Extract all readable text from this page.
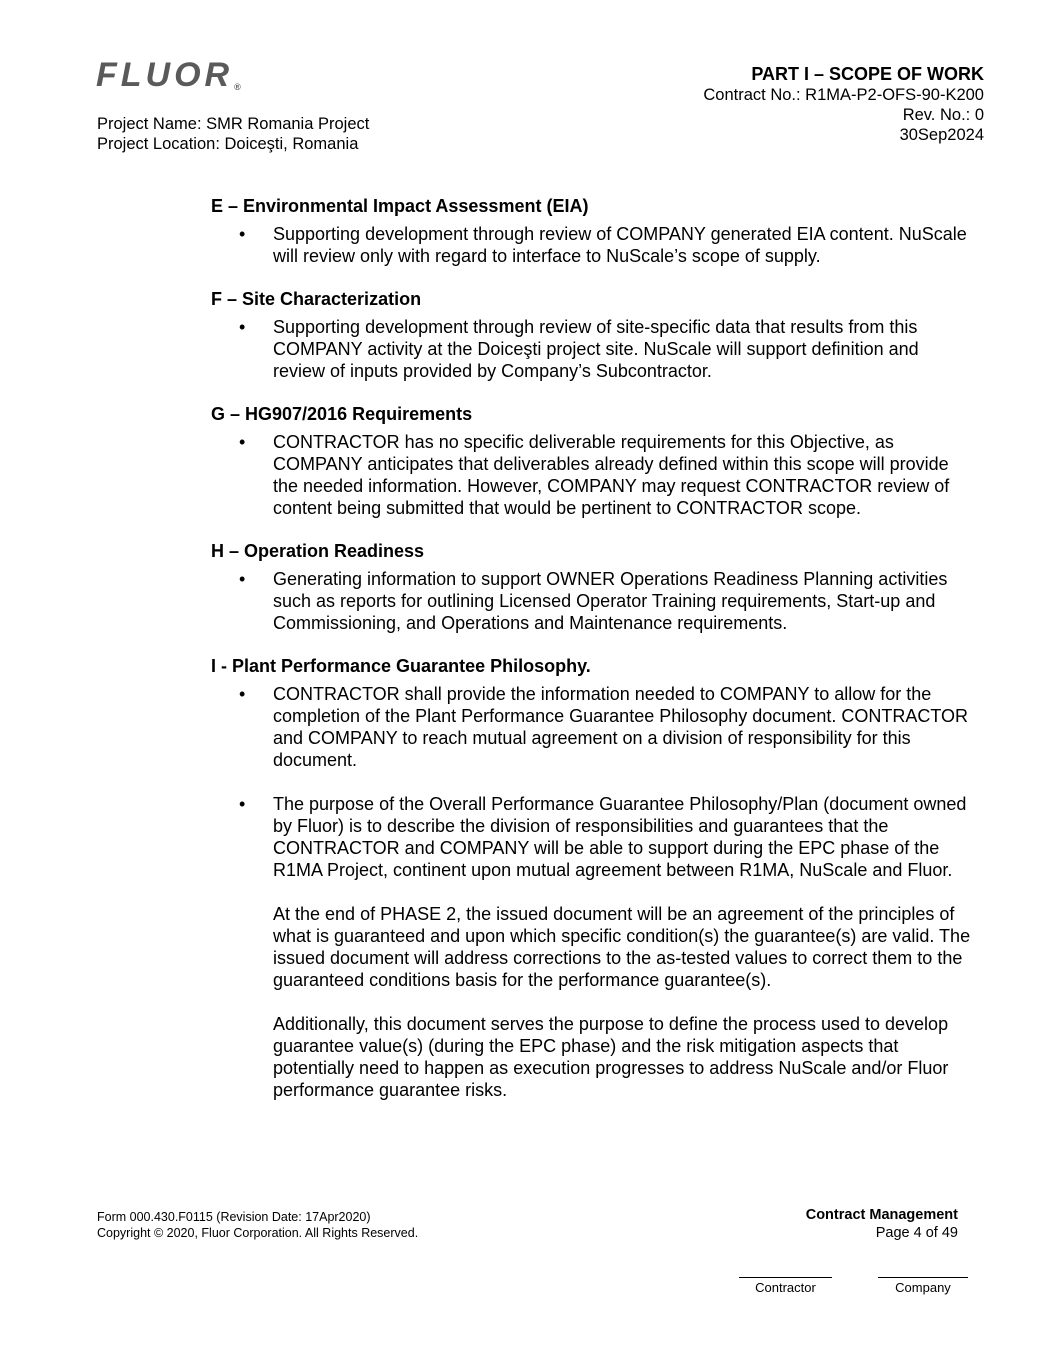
FLUOR®
Project Name: SMR Romania Project
Project Location: Doiceşti, Romania
PART I – SCOPE OF WORK
Contract No.: R1MA-P2-OFS-90-K200
Rev. No.: 0
30Sep2024

E – Environmental Impact Assessment (EIA)

• Supporting development through review of COMPANY generated EIA content. NuScale will review only with regard to interface to NuScale’s scope of supply.

F – Site Characterization

• Supporting development through review of site-specific data that results from this COMPANY activity at the Doiceşti project site. NuScale will support definition and review of inputs provided by Company’s Subcontractor.

G – HG907/2016 Requirements

• CONTRACTOR has no specific deliverable requirements for this Objective, as COMPANY anticipates that deliverables already defined within this scope will provide the needed information. However, COMPANY may request CONTRACTOR review of content being submitted that would be pertinent to CONTRACTOR scope.

H – Operation Readiness

• Generating information to support OWNER Operations Readiness Planning activities such as reports for outlining Licensed Operator Training requirements, Start-up and Commissioning, and Operations and Maintenance requirements.

I - Plant Performance Guarantee Philosophy.

• CONTRACTOR shall provide the information needed to COMPANY to allow for the completion of the Plant Performance Guarantee Philosophy document. CONTRACTOR and COMPANY to reach mutual agreement on a division of responsibility for this document.
• The purpose of the Overall Performance Guarantee Philosophy/Plan (document owned by Fluor) is to describe the division of responsibilities and guarantees that the CONTRACTOR and COMPANY will be able to support during the EPC phase of the R1MA Project, continent upon mutual agreement between R1MA, NuScale and Fluor.

At the end of PHASE 2, the issued document will be an agreement of the principles of what is guaranteed and upon which specific condition(s) the guarantee(s) are valid. The issued document will address corrections to the as-tested values to correct them to the guaranteed conditions basis for the performance guarantee(s).

Additionally, this document serves the purpose to define the process used to develop guarantee value(s) (during the EPC phase) and the risk mitigation aspects that potentially need to happen as execution progresses to address NuScale and/or Fluor performance guarantee risks.

Form 000.430.F0115 (Revision Date: 17Apr2020)
Copyright © 2020, Fluor Corporation. All Rights Reserved.
Contract Management
Page 4 of 49
Contractor	Company
